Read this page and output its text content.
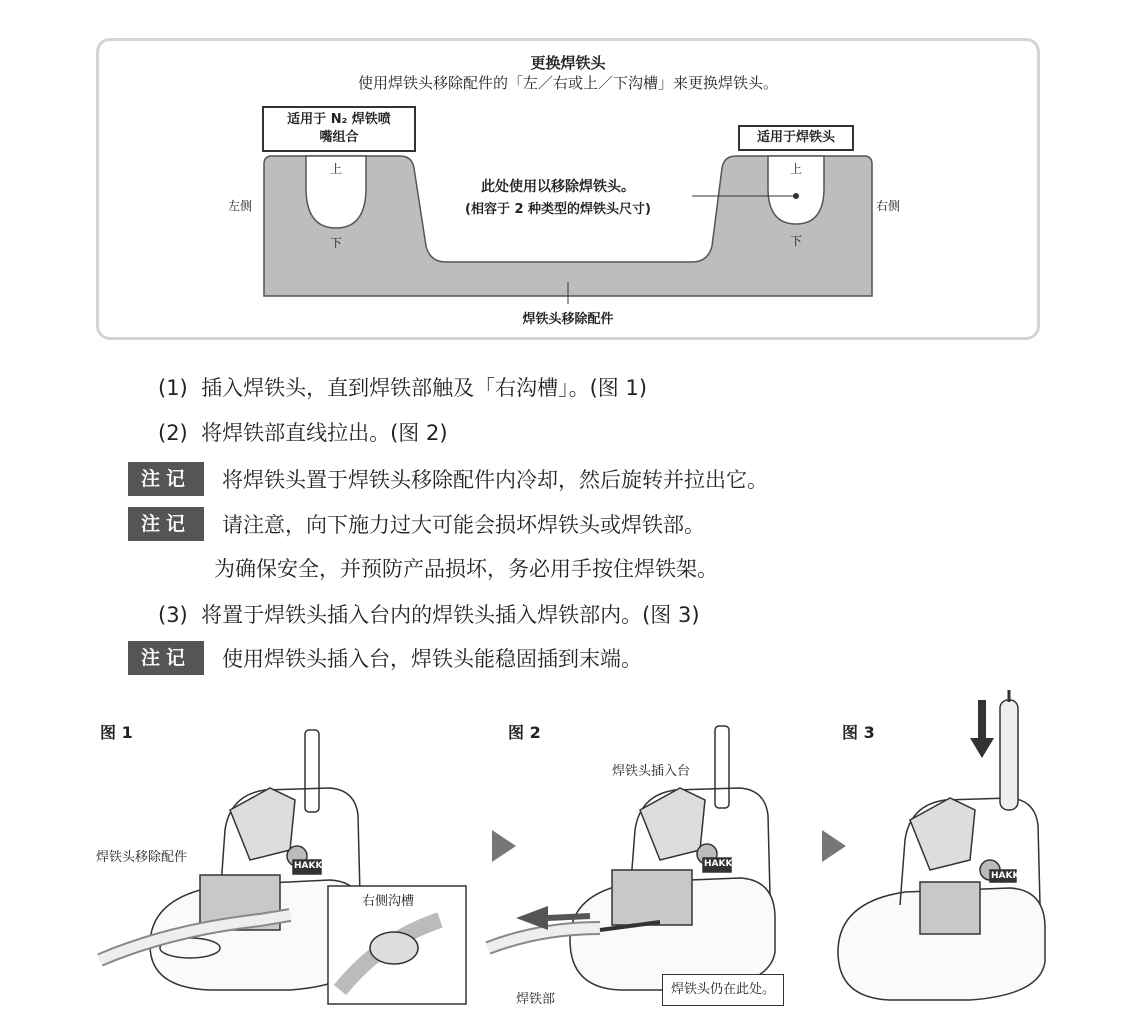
更换焊铁头
使用焊铁头移除配件的「左／右或上／下沟槽」来更换焊铁头。
适用于 N₂ 焊铁喷
嘴组合	适用于焊铁头
左侧	右侧
上
下
上
下
此处使用以移除焊铁头。
(相容于 2 种类型的焊铁头尺寸)
焊铁头移除配件
(1) 插入焊铁头，直到焊铁部触及「右沟槽」。(图 1)
(2) 将焊铁部直线拉出。(图 2)
注记	将焊铁头置于焊铁头移除配件内冷却，然后旋转并拉出它。
注记	请注意，向下施力过大可能会损坏焊铁头或焊铁部。
为确保安全，并预防产品损坏，务必用手按住焊铁架。
(3) 将置于焊铁头插入台内的焊铁头插入焊铁部内。(图 3)
注记	使用焊铁头插入台，焊铁头能稳固插到末端。
图 1	图 2	图 3
焊铁头移除配件
右侧沟槽
HAKKO
焊铁头插入台
焊铁部
焊铁头仍在此处。
HAKKO
HAKKO
